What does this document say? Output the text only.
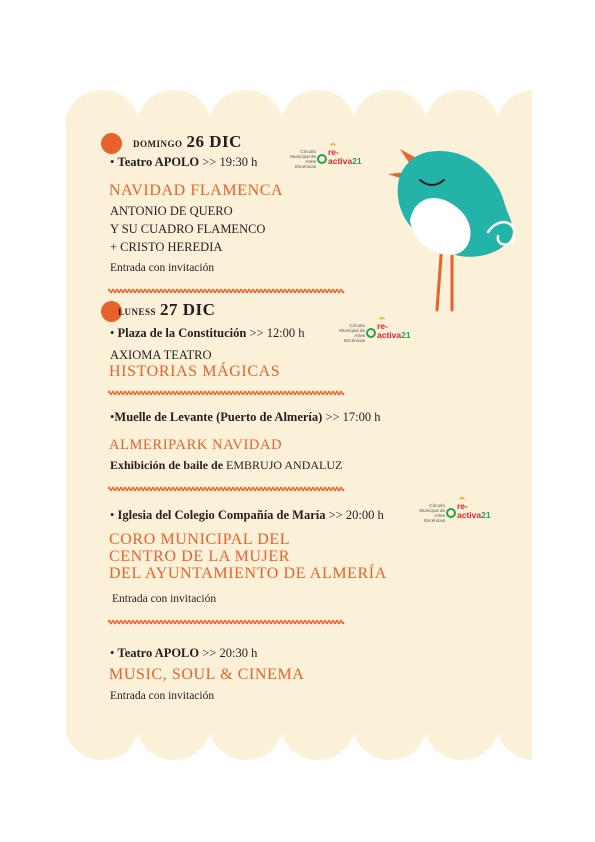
DOMINGO 26 DIC
• Teatro APOLO >> 19:30 h
Circuito Municipal de Artes Escénicas
re-
activa21
NAVIDAD FLAMENCA
ANTONIO DE QUERO
Y SU CUADRO FLAMENCO
+ CRISTO HEREDIA
Entrada con invitación
LUNESS 27 DIC
• Plaza de la Constitución >> 12:00 h
Circuito Municipal de Artes Escénicas
re-
activa21
AXIOMA TEATRO
HISTORIAS MÁGICAS
•Muelle de Levante (Puerto de Almería) >> 17:00 h
ALMERIPARK NAVIDAD
Exhibición de baile de EMBRUJO ANDALUZ
• Iglesia del Colegio Compañía de María >> 20:00 h
Circuito Municipal de Artes Escénicas
re-
activa21
CORO MUNICIPAL DEL
CENTRO DE LA MUJER
DEL AYUNTAMIENTO DE ALMERÍA
Entrada con invitación
• Teatro APOLO >> 20:30 h
MUSIC, SOUL & CINEMA
Entrada con invitación
